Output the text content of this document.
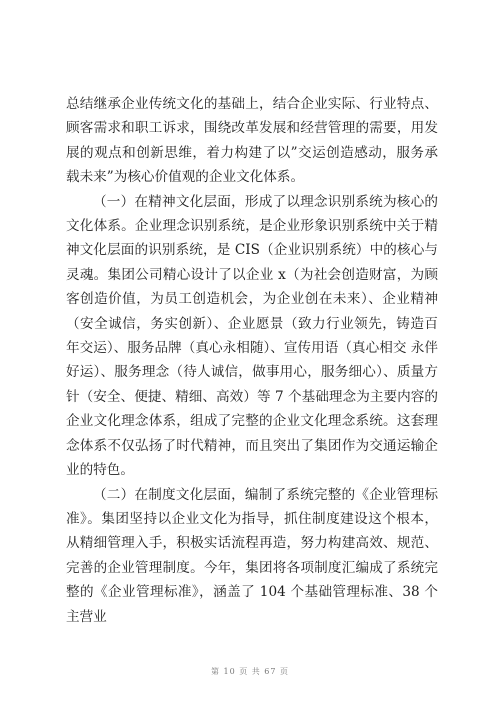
总结继承企业传统文化的基础上，结合企业实际、行业特点、顾客需求和职工诉求，围绕改革发展和经营管理的需要，用发展的观点和创新思维，着力构建了以”交运创造感动，服务承载未来”为核心价值观的企业文化体系。

（一）在精神文化层面，形成了以理念识别系统为核心的文化体系。企业理念识别系统，是企业形象识别系统中关于精神文化层面的识别系统，是 CIS（企业识别系统）中的核心与灵魂。集团公司精心设计了以企业 x（为社会创造财富，为顾客创造价值，为员工创造机会，为企业创在未来）、企业精神（安全诚信，务实创新）、企业愿景（致力行业领先，铸造百年交运）、服务品牌（真心永相随）、宣传用语（真心相交 永伴好运）、服务理念（待人诚信，做事用心，服务细心）、质量方针（安全、便捷、精细、高效）等 7 个基础理念为主要内容的企业文化理念体系，组成了完整的企业文化理念系统。这套理念体系不仅弘扬了时代精神，而且突出了集团作为交通运输企业的特色。

（二）在制度文化层面，编制了系统完整的《企业管理标准》。集团坚持以企业文化为指导，抓住制度建设这个根本，从精细管理入手，积极实话流程再造，努力构建高效、规范、完善的企业管理制度。今年，集团将各项制度汇编成了系统完整的《企业管理标准》，涵盖了 104 个基础管理标准、38 个主营业

第 10 页 共 67 页
